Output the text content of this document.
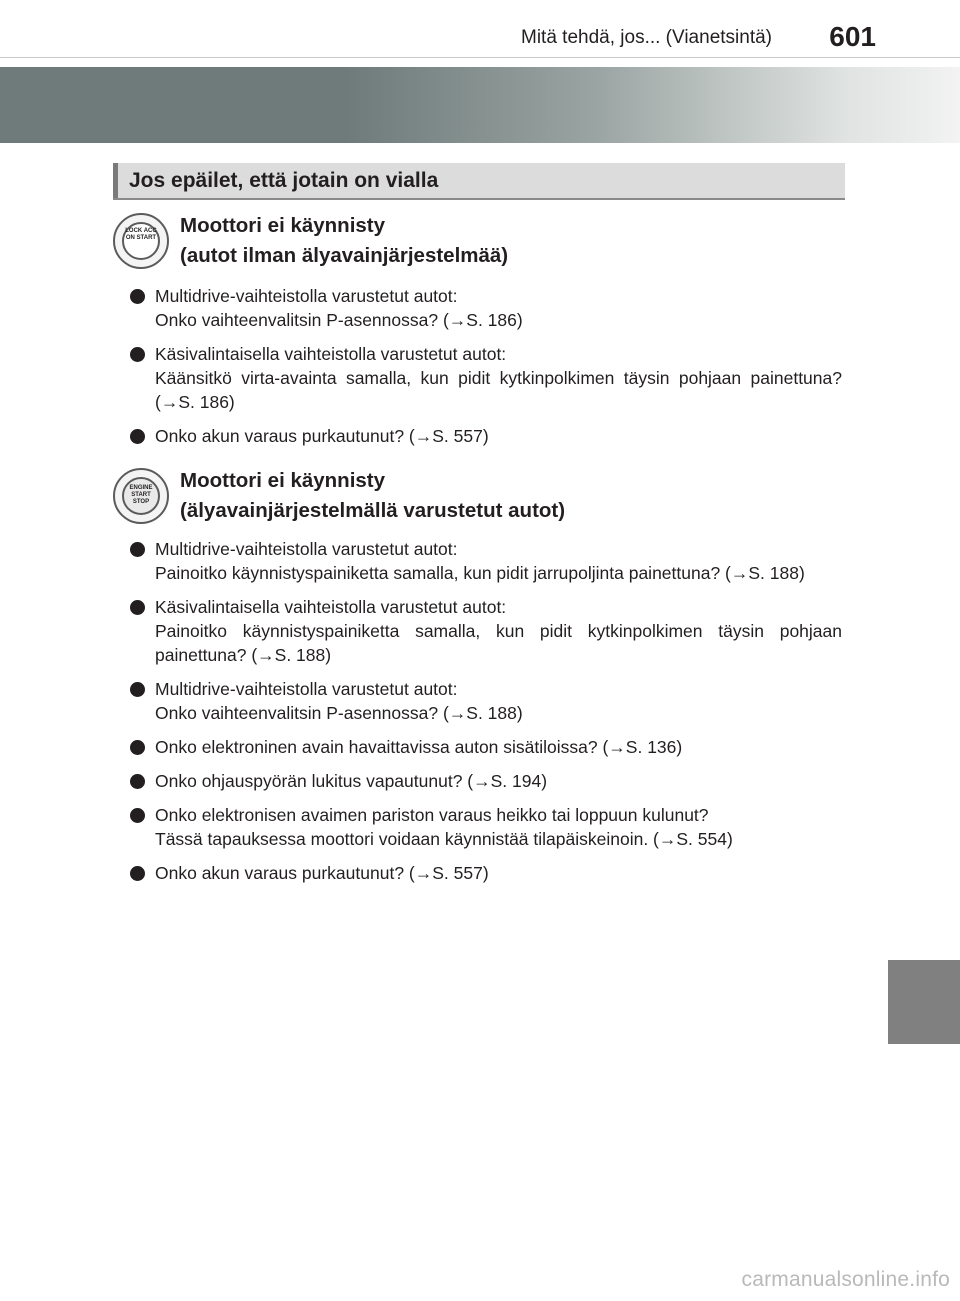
Mitä tehdä, jos... (Vianetsintä) 601
Jos epäilet, että jotain on vialla
LOCK ACC ON START
Moottori ei käynnisty
(autot ilman älyavainjärjestelmää)
Multidrive-vaihteistolla varustetut autot:
Onko vaihteenvalitsin P-asennossa? (→S. 186)
Käsivalintaisella vaihteistolla varustetut autot:
Käänsitkö virta-avainta samalla, kun pidit kytkinpolkimen täysin pohjaan painettuna? (→S. 186)
Onko akun varaus purkautunut? (→S. 557)
ENGINE START STOP
Moottori ei käynnisty
(älyavainjärjestelmällä varustetut autot)
Multidrive-vaihteistolla varustetut autot:
Painoitko käynnistyspainiketta samalla, kun pidit jarrupoljinta painettuna? (→S. 188)
Käsivalintaisella vaihteistolla varustetut autot:
Painoitko käynnistyspainiketta samalla, kun pidit kytkinpolkimen täysin pohjaan painettuna? (→S. 188)
Multidrive-vaihteistolla varustetut autot:
Onko vaihteenvalitsin P-asennossa? (→S. 188)
Onko elektroninen avain havaittavissa auton sisätiloissa? (→S. 136)
Onko ohjauspyörän lukitus vapautunut? (→S. 194)
Onko elektronisen avaimen pariston varaus heikko tai loppuun kulunut?
Tässä tapauksessa moottori voidaan käynnistää tilapäiskeinoin. (→S. 554)
Onko akun varaus purkautunut? (→S. 557)
carmanualsonline.info
